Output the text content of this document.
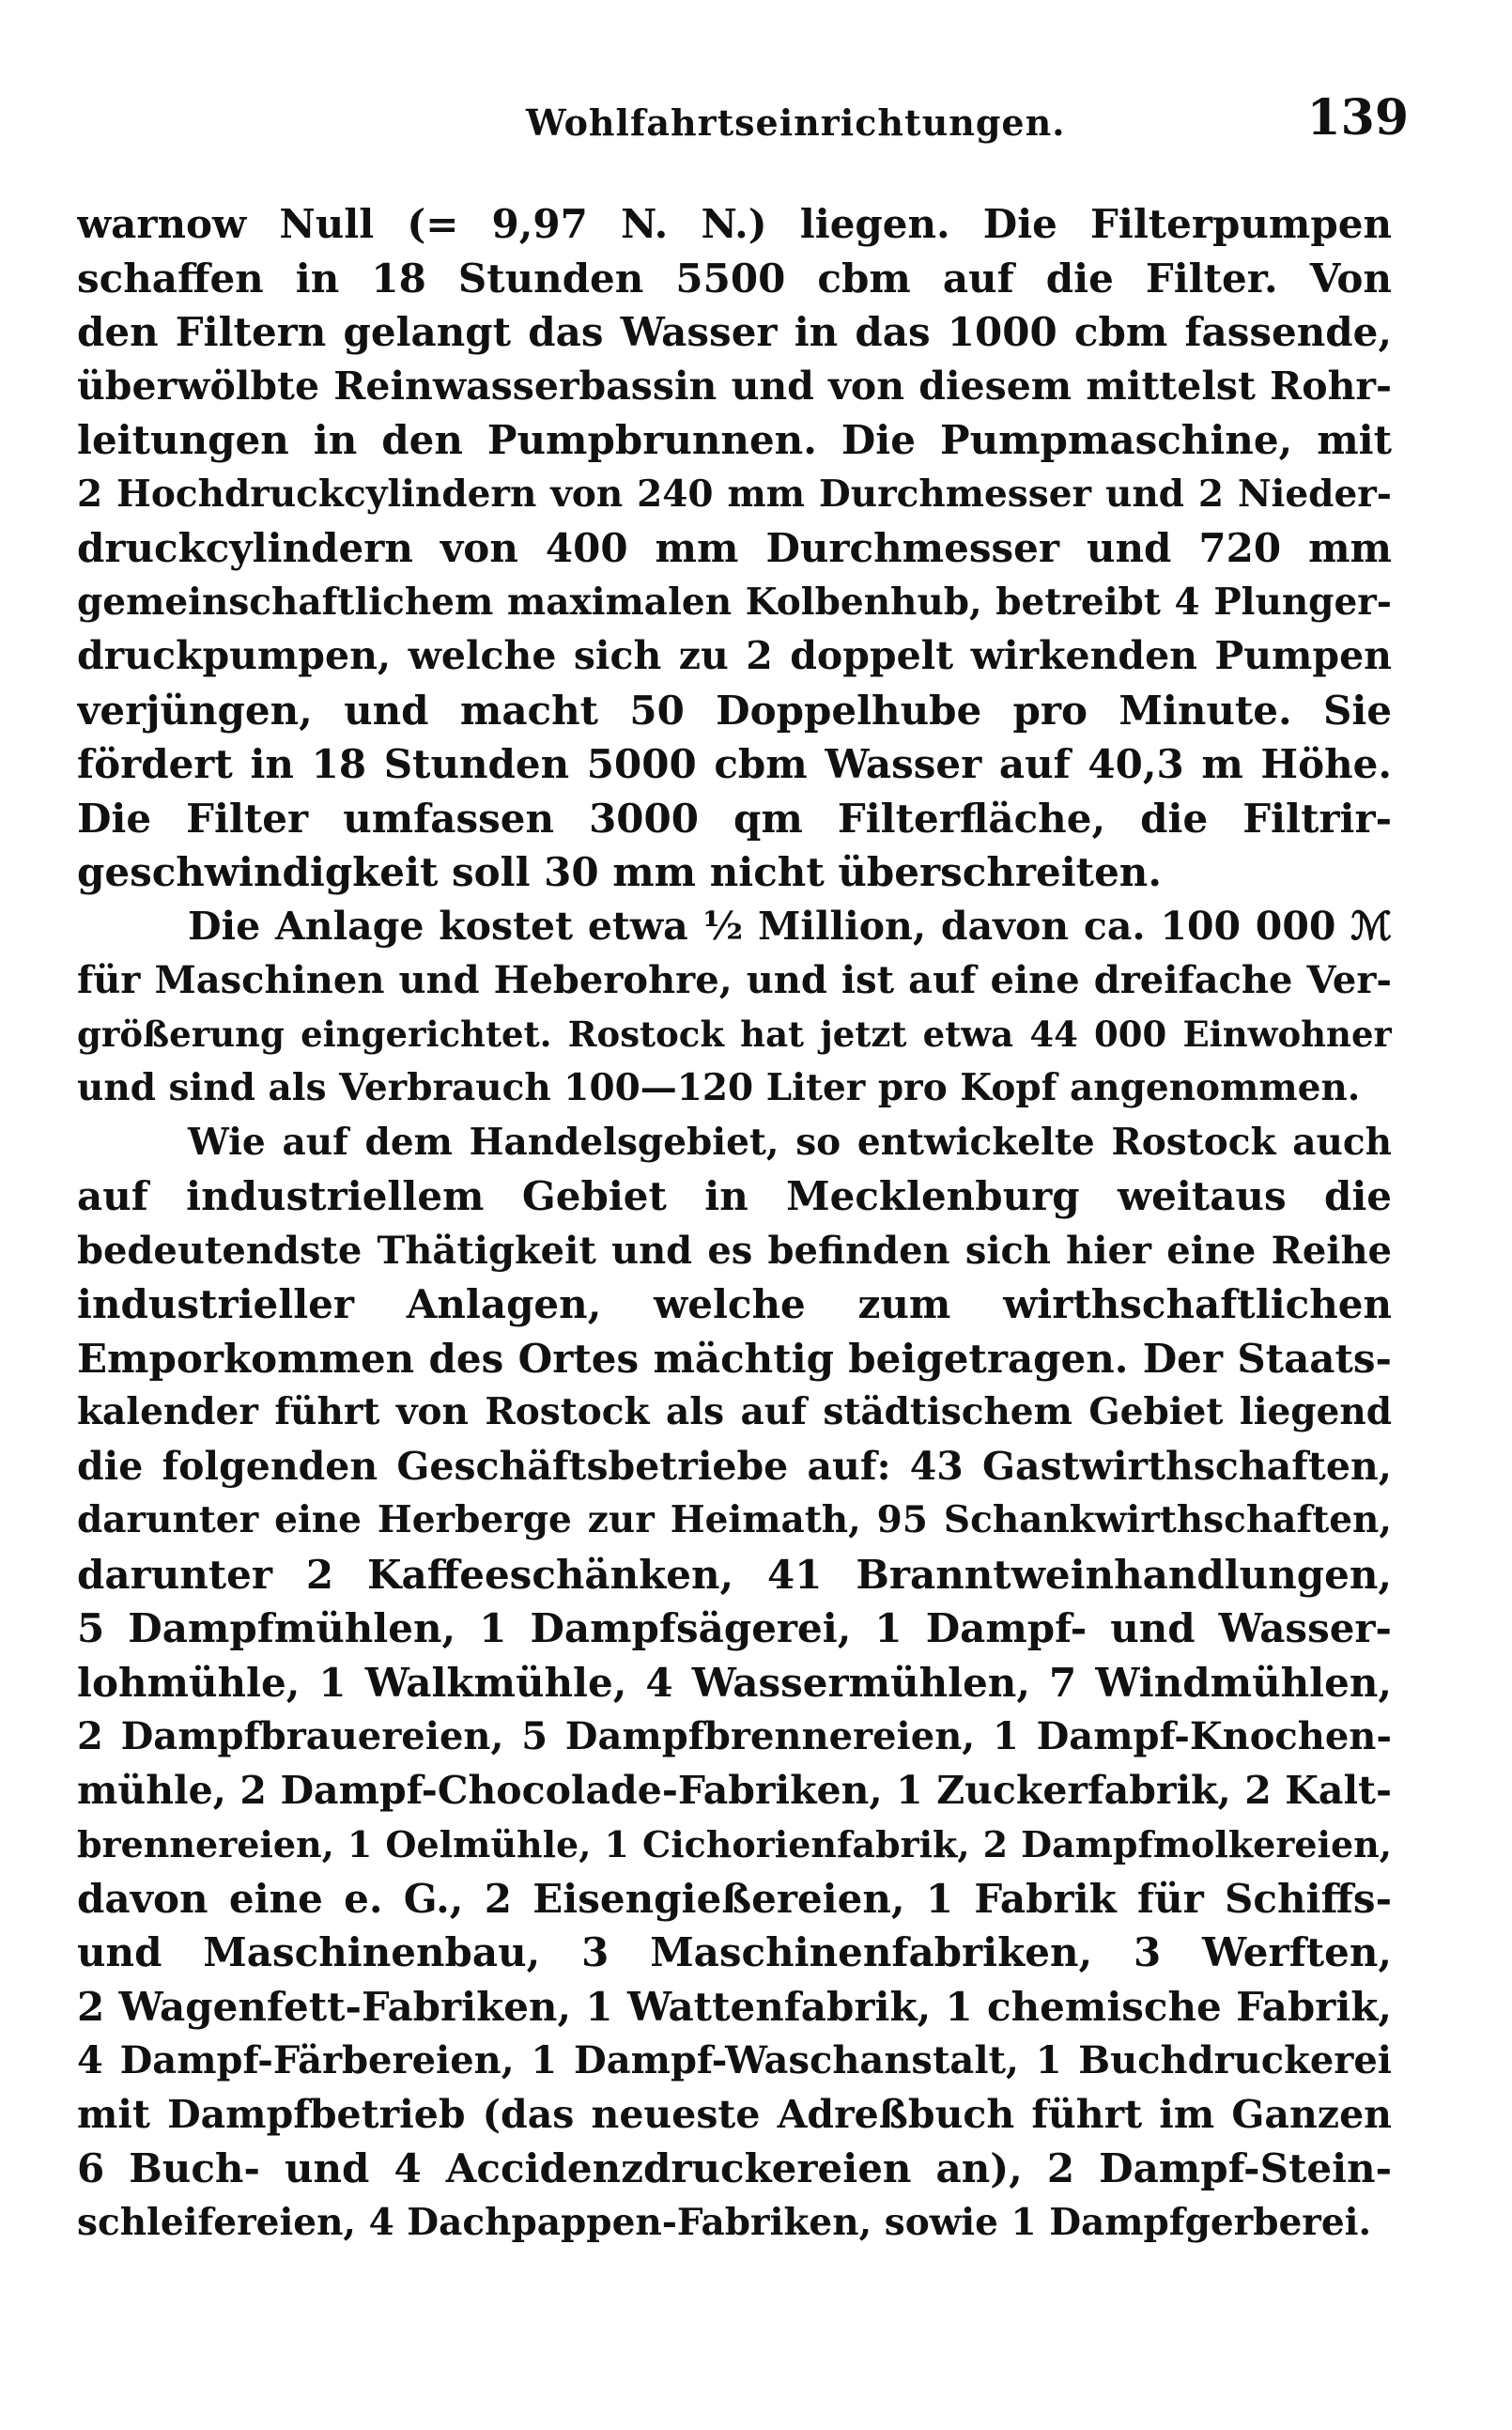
Wohlfahrtseinrichtungen.	139
warnow Null (= 9,97 N. N.) liegen. Die Filterpumpen
schaffen in 18 Stunden 5500 cbm auf die Filter. Von
den Filtern gelangt das Wasser in das 1000 cbm fassende,
überwölbte Reinwasserbassin und von diesem mittelst Rohr-
leitungen in den Pumpbrunnen. Die Pumpmaschine, mit
2 Hochdruckcylindern von 240 mm Durchmesser und 2 Nieder-
druckcylindern von 400 mm Durchmesser und 720 mm
gemeinschaftlichem maximalen Kolbenhub, betreibt 4 Plunger-
druckpumpen, welche sich zu 2 doppelt wirkenden Pumpen
verjüngen, und macht 50 Doppelhube pro Minute. Sie
fördert in 18 Stunden 5000 cbm Wasser auf 40,3 m Höhe.
Die Filter umfassen 3000 qm Filterfläche, die Filtrir-
geschwindigkeit soll 30 mm nicht überschreiten.
Die Anlage kostet etwa ½ Million, davon ca. 100 000 ℳ
für Maschinen und Heberohre, und ist auf eine dreifache Ver-
größerung eingerichtet. Rostock hat jetzt etwa 44 000 Einwohner
und sind als Verbrauch 100—120 Liter pro Kopf angenommen.
Wie auf dem Handelsgebiet, so entwickelte Rostock auch
auf industriellem Gebiet in Mecklenburg weitaus die
bedeutendste Thätigkeit und es befinden sich hier eine Reihe
industrieller Anlagen, welche zum wirthschaftlichen
Emporkommen des Ortes mächtig beigetragen. Der Staats-
kalender führt von Rostock als auf städtischem Gebiet liegend
die folgenden Geschäftsbetriebe auf: 43 Gastwirthschaften,
darunter eine Herberge zur Heimath, 95 Schankwirthschaften,
darunter 2 Kaffeeschänken, 41 Branntweinhandlungen,
5 Dampfmühlen, 1 Dampfsägerei, 1 Dampf- und Wasser-
lohmühle, 1 Walkmühle, 4 Wassermühlen, 7 Windmühlen,
2 Dampfbrauereien, 5 Dampfbrennereien, 1 Dampf-Knochen-
mühle, 2 Dampf-Chocolade-Fabriken, 1 Zuckerfabrik, 2 Kalt-
brennereien, 1 Oelmühle, 1 Cichorienfabrik, 2 Dampfmolkereien,
davon eine e. G., 2 Eisengießereien, 1 Fabrik für Schiffs-
und Maschinenbau, 3 Maschinenfabriken, 3 Werften,
2 Wagenfett-Fabriken, 1 Wattenfabrik, 1 chemische Fabrik,
4 Dampf-Färbereien, 1 Dampf-Waschanstalt, 1 Buchdruckerei
mit Dampfbetrieb (das neueste Adreßbuch führt im Ganzen
6 Buch- und 4 Accidenzdruckereien an), 2 Dampf-Stein-
schleifereien, 4 Dachpappen-Fabriken, sowie 1 Dampfgerberei.
